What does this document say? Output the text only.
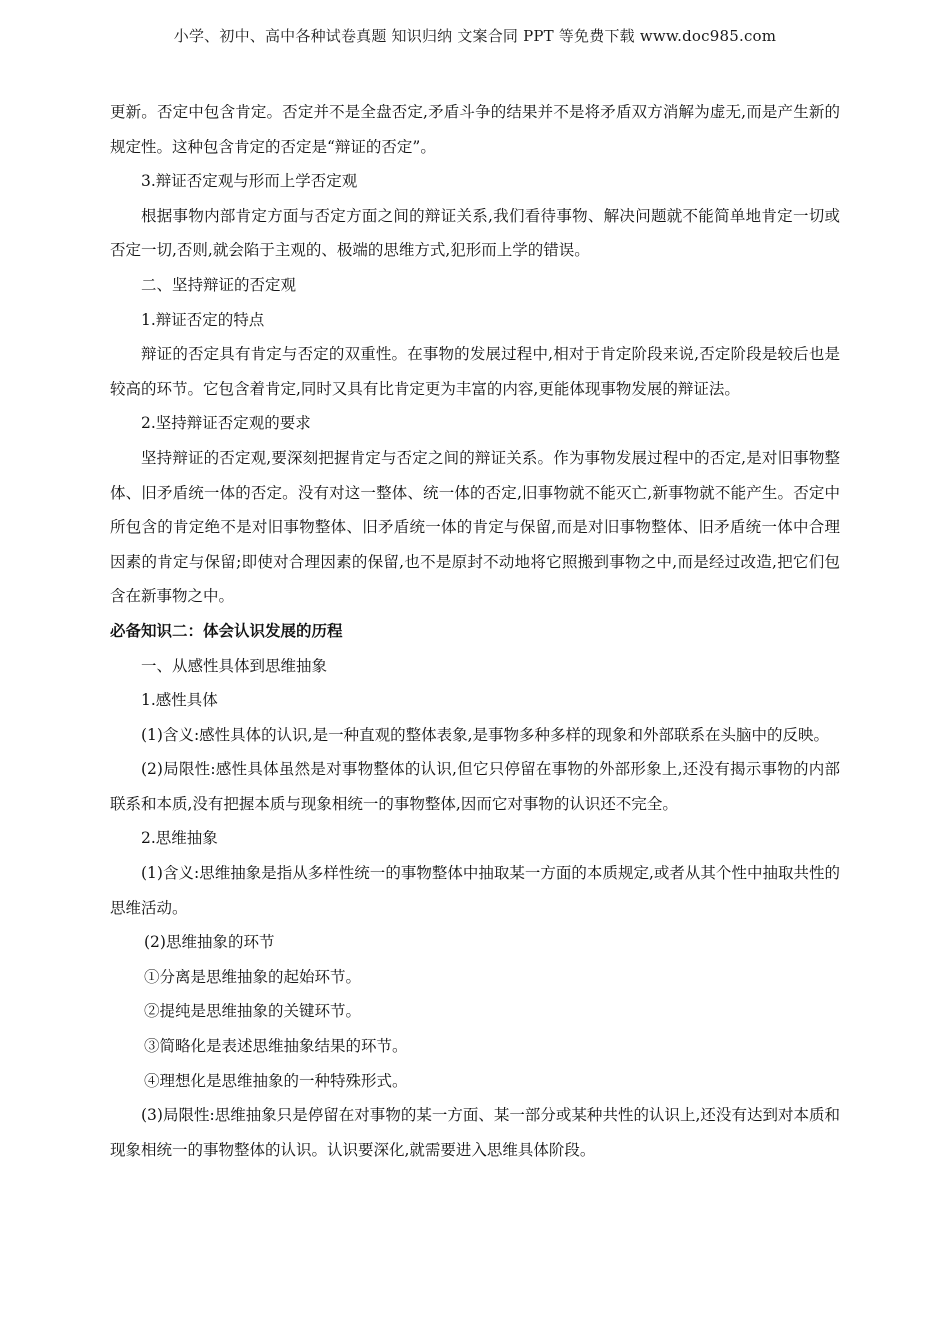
小学、初中、高中各种试卷真题 知识归纳 文案合同 PPT 等免费下载 www.doc985.com

更新。否定中包含肯定。否定并不是全盘否定,矛盾斗争的结果并不是将矛盾双方消解为虚无,而是产生新的规定性。这种包含肯定的否定是“辩证的否定”。

3.辩证否定观与形而上学否定观

根据事物内部肯定方面与否定方面之间的辩证关系,我们看待事物、解决问题就不能简单地肯定一切或否定一切,否则,就会陷于主观的、极端的思维方式,犯形而上学的错误。

二、坚持辩证的否定观

1.辩证否定的特点

辩证的否定具有肯定与否定的双重性。在事物的发展过程中,相对于肯定阶段来说,否定阶段是较后也是较高的环节。它包含着肯定,同时又具有比肯定更为丰富的内容,更能体现事物发展的辩证法。

2.坚持辩证否定观的要求

坚持辩证的否定观,要深刻把握肯定与否定之间的辩证关系。作为事物发展过程中的否定,是对旧事物整体、旧矛盾统一体的否定。没有对这一整体、统一体的否定,旧事物就不能灭亡,新事物就不能产生。否定中所包含的肯定绝不是对旧事物整体、旧矛盾统一体的肯定与保留,而是对旧事物整体、旧矛盾统一体中合理因素的肯定与保留;即使对合理因素的保留,也不是原封不动地将它照搬到事物之中,而是经过改造,把它们包含在新事物之中。

必备知识二：体会认识发展的历程

一、从感性具体到思维抽象

1.感性具体

(1)含义:感性具体的认识,是一种直观的整体表象,是事物多种多样的现象和外部联系在头脑中的反映。

(2)局限性:感性具体虽然是对事物整体的认识,但它只停留在事物的外部形象上,还没有揭示事物的内部联系和本质,没有把握本质与现象相统一的事物整体,因而它对事物的认识还不完全。

2.思维抽象

(1)含义:思维抽象是指从多样性统一的事物整体中抽取某一方面的本质规定,或者从其个性中抽取共性的思维活动。

(2)思维抽象的环节

①分离是思维抽象的起始环节。

②提纯是思维抽象的关键环节。

③简略化是表述思维抽象结果的环节。

④理想化是思维抽象的一种特殊形式。

(3)局限性:思维抽象只是停留在对事物的某一方面、某一部分或某种共性的认识上,还没有达到对本质和现象相统一的事物整体的认识。认识要深化,就需要进入思维具体阶段。
